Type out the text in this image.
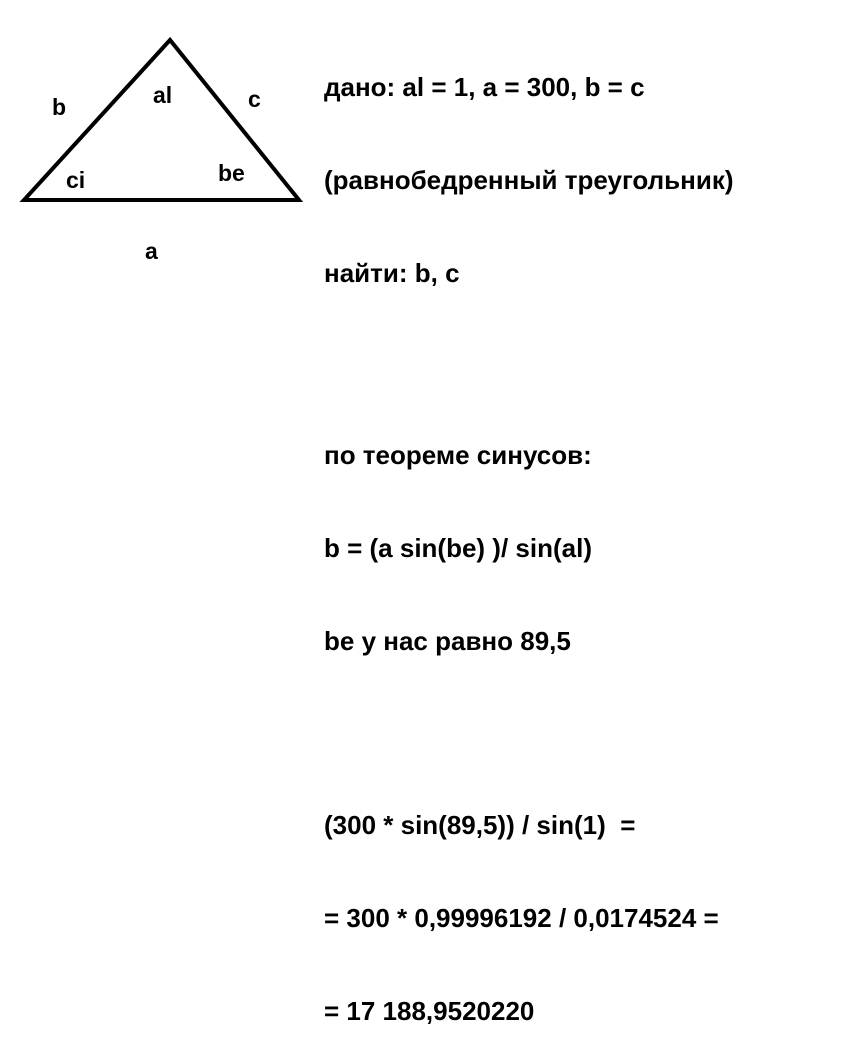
b	al	c
ci	be
a

дано: al = 1, a = 300, b = c

(равнобедренный треугольник)

найти: b, c

по теореме синусов:

b = (a sin(be) )/ sin(al)

be у нас равно 89,5

(300 * sin(89,5)) / sin(1)  =

= 300 * 0,99996192 / 0,0174524 =

= 17 188,9520220
